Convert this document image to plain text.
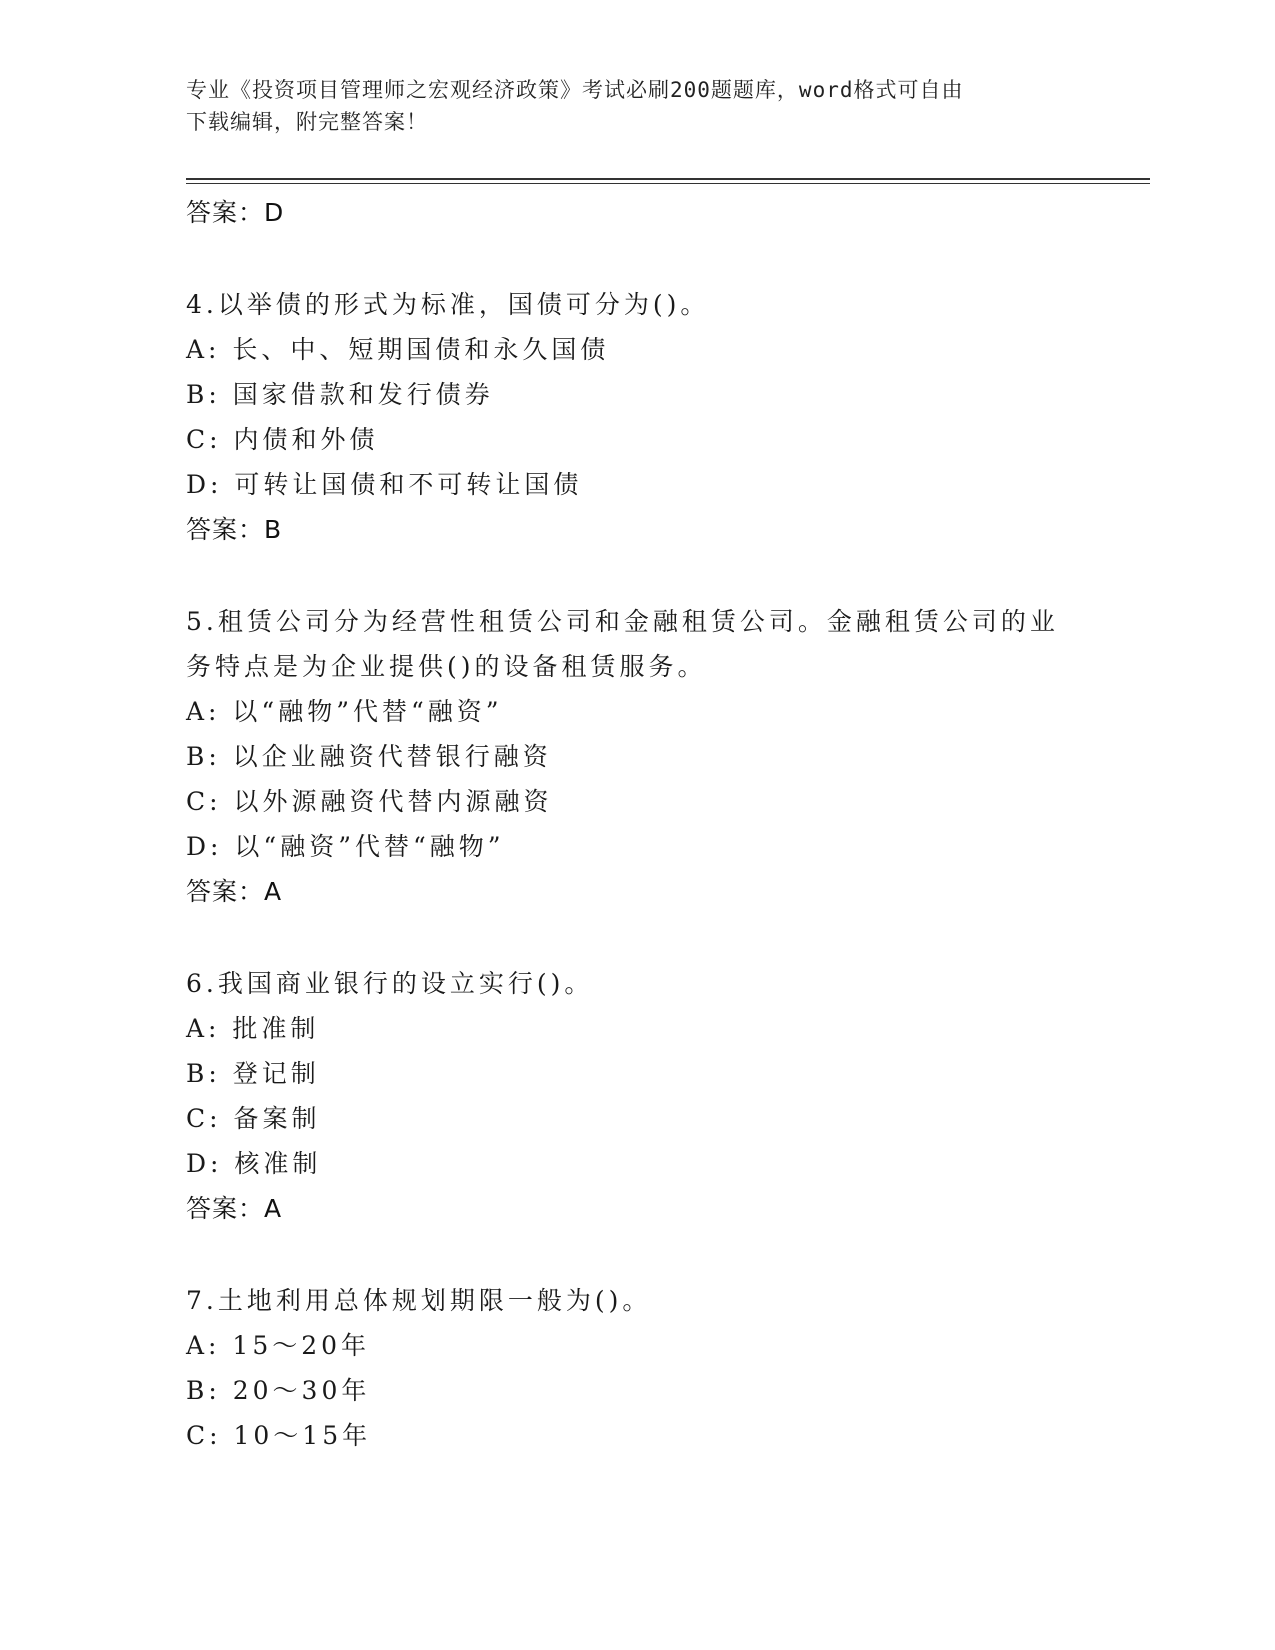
专业《投资项目管理师之宏观经济政策》考试必刷200题题库，word格式可自由
下载编辑，附完整答案！
答案：D
4.以举债的形式为标准，国债可分为()。
A: 长、中、短期国债和永久国债
B: 国家借款和发行债券
C: 内债和外债
D: 可转让国债和不可转让国债
答案：B
5.租赁公司分为经营性租赁公司和金融租赁公司。金融租赁公司的业
务特点是为企业提供()的设备租赁服务。
A: 以“融物”代替“融资”
B: 以企业融资代替银行融资
C: 以外源融资代替内源融资
D: 以“融资”代替“融物”
答案：A
6.我国商业银行的设立实行()。
A: 批准制
B: 登记制
C: 备案制
D: 核准制
答案：A
7.土地利用总体规划期限一般为()。
A: 15～20年
B: 20～30年
C: 10～15年
